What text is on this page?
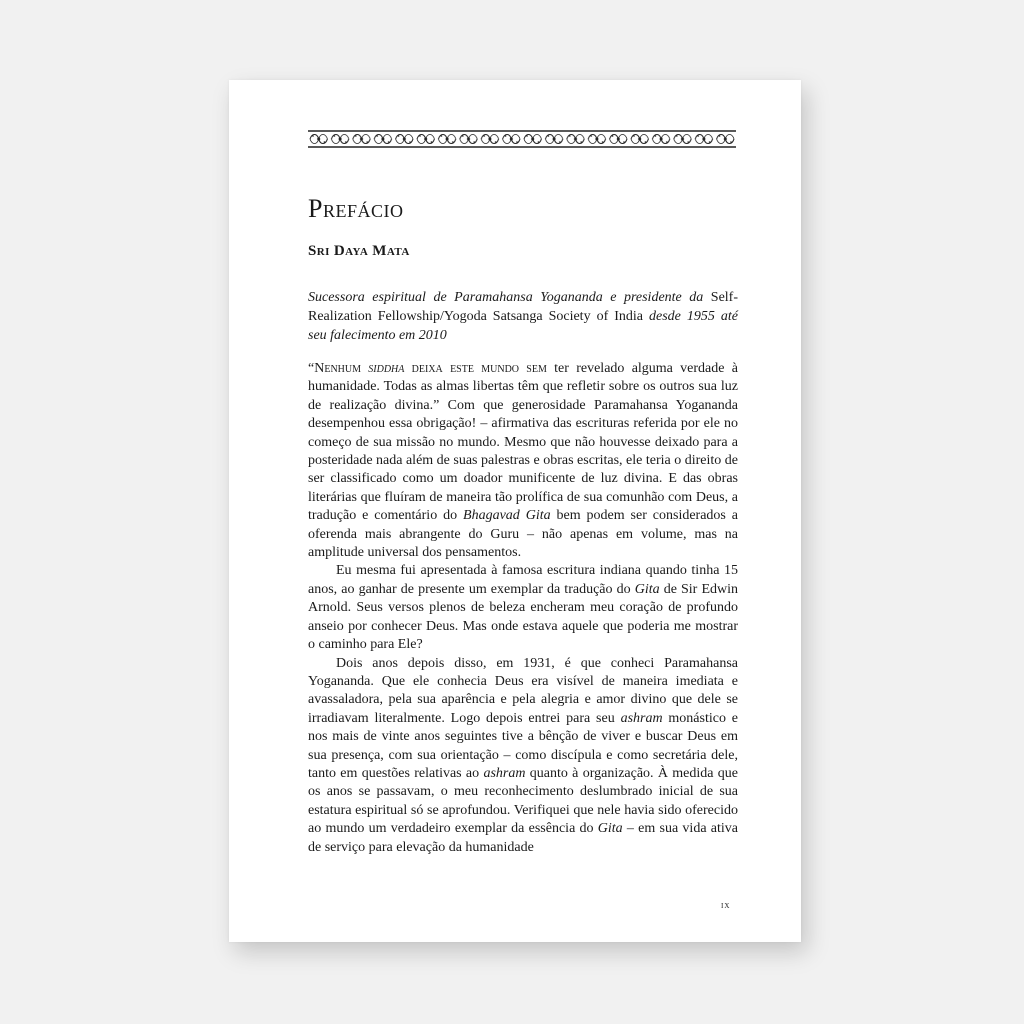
Prefácio
Sri Daya Mata

Sucessora espiritual de Paramahansa Yogananda e presidente da Self-Realization Fellowship/Yogoda Satsanga Society of India desde 1955 até seu falecimento em 2010

“Nenhum siddha deixa este mundo sem ter revelado alguma verdade à humanidade. Todas as almas libertas têm que refletir sobre os outros sua luz de realização divina.” Com que generosidade Paramahansa Yogananda desempenhou essa obrigação! – afirmativa das escrituras referida por ele no começo de sua missão no mundo. Mesmo que não houvesse deixado para a posteridade nada além de suas palestras e obras escritas, ele teria o direito de ser classificado como um doador munificente de luz divina. E das obras literárias que fluíram de maneira tão prolífica de sua comunhão com Deus, a tradução e comentário do Bhagavad Gita bem podem ser considerados a oferenda mais abrangente do Guru – não apenas em volume, mas na amplitude universal dos pensamentos.

Eu mesma fui apresentada à famosa escritura indiana quando tinha 15 anos, ao ganhar de presente um exemplar da tradução do Gita de Sir Edwin Arnold. Seus versos plenos de beleza encheram meu coração de profundo anseio por conhecer Deus. Mas onde estava aquele que poderia me mostrar o caminho para Ele?

Dois anos depois disso, em 1931, é que conheci Paramahansa Yogananda. Que ele conhecia Deus era visível de maneira imediata e avassaladora, pela sua aparência e pela alegria e amor divino que dele se irradiavam literalmente. Logo depois entrei para seu ashram monástico e nos mais de vinte anos seguintes tive a bênção de viver e buscar Deus em sua presença, com sua orientação – como discípula e como secretária dele, tanto em questões relativas ao ashram quanto à organização. À medida que os anos se passavam, o meu reconhecimento deslumbrado inicial de sua estatura espiritual só se aprofundou. Verifiquei que nele havia sido oferecido ao mundo um verdadeiro exemplar da essência do Gita – em sua vida ativa de serviço para elevação da humanidade

ix
